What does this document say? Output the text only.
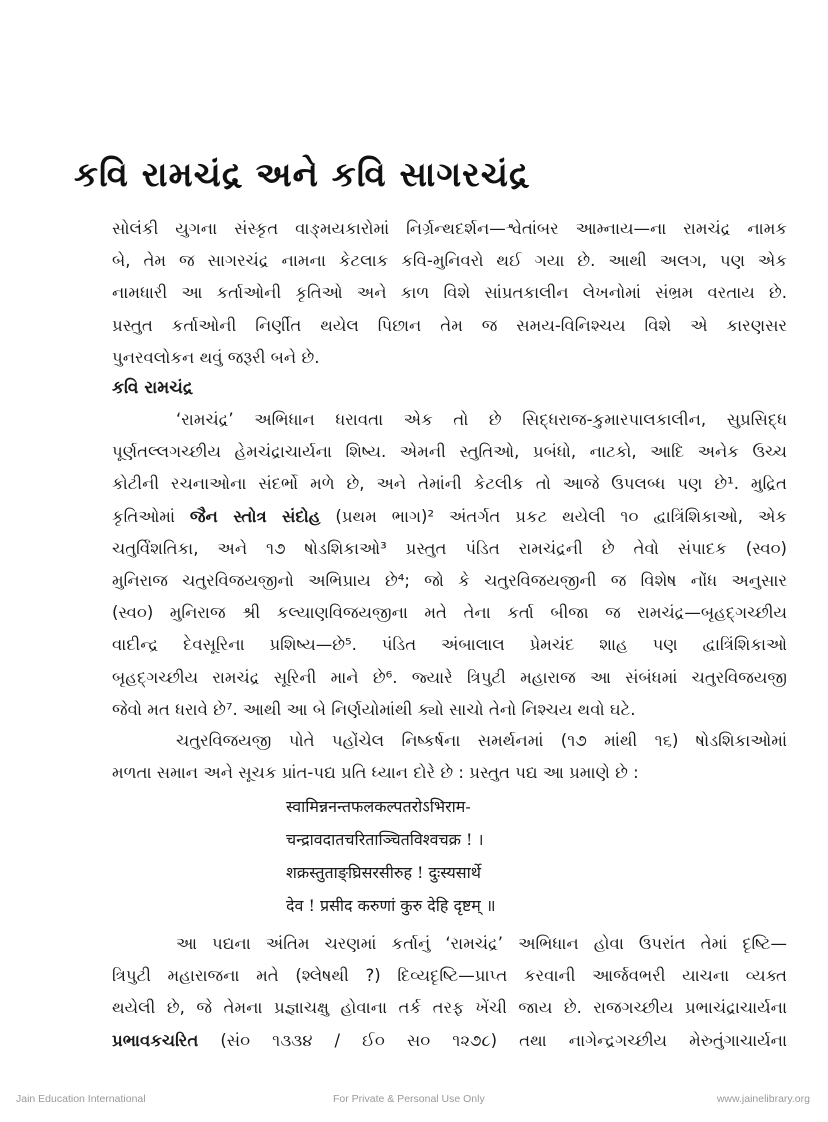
કવિ રામચંદ્ર અને કવિ સાગરચંદ્ર
સોલંકી યુગના સંસ્કૃત વાઙ્મયકારોમાં નિર્ગ્રન્થદર્શન—શ્વેતાંબર આમ્નાય—ના રામચંદ્ર નામક
બે, તેમ જ સાગરચંદ્ર નામના કેટલાક કવિ-મુનિવરો થઈ ગયા છે. આથી અલગ, પણ એક
નામધારી આ કર્તાઓની કૃતિઓ અને કાળ વિશે સાંપ્રતકાલીન લેખનોમાં સંભ્રમ વરતાય છે.
પ્રસ્તુત કર્તાઓની નિર્ણીત થયેલ પિછાન તેમ જ સમય-વિનિશ્ચય વિશે એ કારણસર
પુનરવલોકન થવું જરૂરી બને છે.
કવિ રામચંદ્ર
‘રામચંદ્ર’ અભિધાન ધરાવતા એક તો છે સિદ્ધરાજ-કુમારપાલકાલીન, સુપ્રસિદ્ધ
પૂર્ણતલ્લગચ્છીય હેમચંદ્રાચાર્યના શિષ્ય. એમની સ્તુતિઓ, પ્રબંધો, નાટકો, આદિ અનેક ઉચ્ચ
કોટીની રચનાઓના સંદર્ભો મળે છે, અને તેમાંની કેટલીક તો આજે ઉપલબ્ધ પણ છે¹. મુદ્રિત
કૃતિઓમાં જૈન સ્તોત્ર સંદોહ (પ્રથમ ભાગ)² અંતર્ગત પ્રકટ થયેલી ૧૦ દ્વાત્રિંશિકાઓ, એક
ચતુર્વિંશતિકા, અને ૧૭ ષોડશિકાઓ³ પ્રસ્તુત પંડિત રામચંદ્રની છે તેવો સંપાદક (સ્વ૦)
મુનિરાજ ચતુરવિજયજીનો અભિપ્રાય છે⁴; જો કે ચતુરવિજયજીની જ વિશેષ નોંધ અનુસાર
(સ્વ૦) મુનિરાજ શ્રી કલ્યાણવિજયજીના મતે તેના કર્તા બીજા જ રામચંદ્ર—બૃહદ્ગચ્છીય
વાદીન્દ્ર દેવસૂરિના પ્રશિષ્ય—છે⁵. પંડિત અંબાલાલ પ્રેમચંદ શાહ પણ દ્વાત્રિંશિકાઓ
બૃહદ્ગચ્છીય રામચંદ્ર સૂરિની માને છે⁶. જ્યારે ત્રિપુટી મહારાજ આ સંબંધમાં ચતુરવિજયજી
જેવો મત ધરાવે છે⁷. આથી આ બે નિર્ણયોમાંથી ક્યો સાચો તેનો નિશ્ચય થવો ઘટે.
ચતુરવિજયજી પોતે પહોંચેલ નિષ્કર્ષના સમર્થનમાં (૧૭ માંથી ૧૬) ષોડશિકાઓમાં
મળતા સમાન અને સૂચક પ્રાંત-પદ્ય પ્રતિ ધ્યાન દોરે છે : પ્રસ્તુત પદ્ય આ પ્રમાણે છે :
स्वामिन्ननन्तफलकल्पतरोऽभिराम-
चन्द्रावदातचरिताञ्चितविश्वचक्र ! ।
शक्रस्तुताङ्घ्रिसरसीरुह ! दुःस्यसार्थे
देव ! प्रसीद करुणां कुरु देहि दृष्टम् ॥
આ પદ્યના અંતિમ ચરણમાં કર્તાનું ‘રામચંદ્ર’ અભિધાન હોવા ઉપરાંત તેમાં દૃષ્ટિ—
ત્રિપુટી મહારાજના મતે (શ્લેષથી ?) દિવ્યદૃષ્ટિ—પ્રાપ્ત કરવાની આર્જવભરી યાચના વ્યક્ત
થયેલી છે, જે તેમના પ્રજ્ઞાચક્ષુ હોવાના તર્ક તરફ ખેંચી જાય છે. રાજગચ્છીય પ્રભાચંદ્રાચાર્યના
પ્રભાવકચરિત (સં૦ ૧૩૩૪ / ઈ૦ સ૦ ૧૨૭૮) તથા નાગેન્દ્રગચ્છીય મેરુતુંગાચાર્યના
Jain Education International	For Private & Personal Use Only	www.jainelibrary.org
